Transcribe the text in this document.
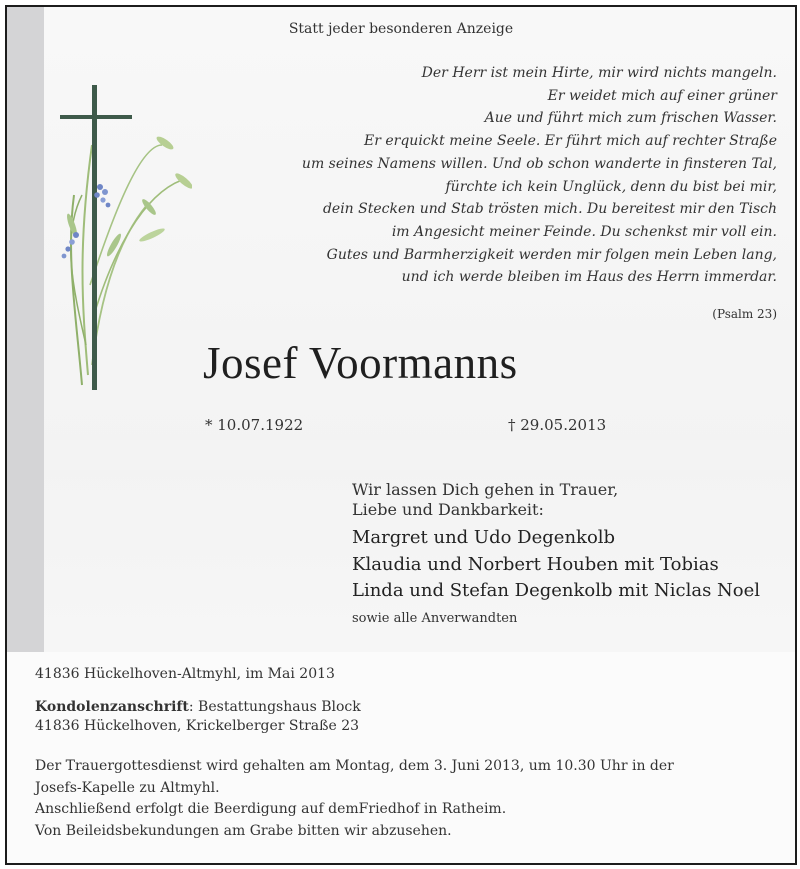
Statt jeder besonderen Anzeige
Der Herr ist mein Hirte, mir wird nichts mangeln.
Er weidet mich auf einer grüner
Aue und führt mich zum frischen Wasser.
Er erquickt meine Seele. Er führt mich auf rechter Straße
um seines Namens willen. Und ob schon wanderte in finsteren Tal,
fürchte ich kein Unglück, denn du bist bei mir,
dein Stecken und Stab trösten mich. Du bereitest mir den Tisch
im Angesicht meiner Feinde. Du schenkst mir voll ein.
Gutes und Barmherzigkeit werden mir folgen mein Leben lang,
und ich werde bleiben im Haus des Herrn immerdar.
(Psalm 23)
Josef Voormanns
* 10.07.1922	† 29.05.2013
Wir lassen Dich gehen in Trauer,
Liebe und Dankbarkeit:
Margret und Udo Degenkolb
Klaudia und Norbert Houben mit Tobias
Linda und Stefan Degenkolb mit Niclas Noel
sowie alle Anverwandten
41836 Hückelhoven-Altmyhl, im Mai 2013
Kondolenzanschrift: Bestattungshaus Block
41836 Hückelhoven, Krickelberger Straße 23
Der Trauergottesdienst wird gehalten am Montag, dem 3. Juni 2013, um 10.30 Uhr in der
Josefs-Kapelle zu Altmyhl.
Anschließend erfolgt die Beerdigung auf demFriedhof in Ratheim.
Von Beileidsbekundungen am Grabe bitten wir abzusehen.
